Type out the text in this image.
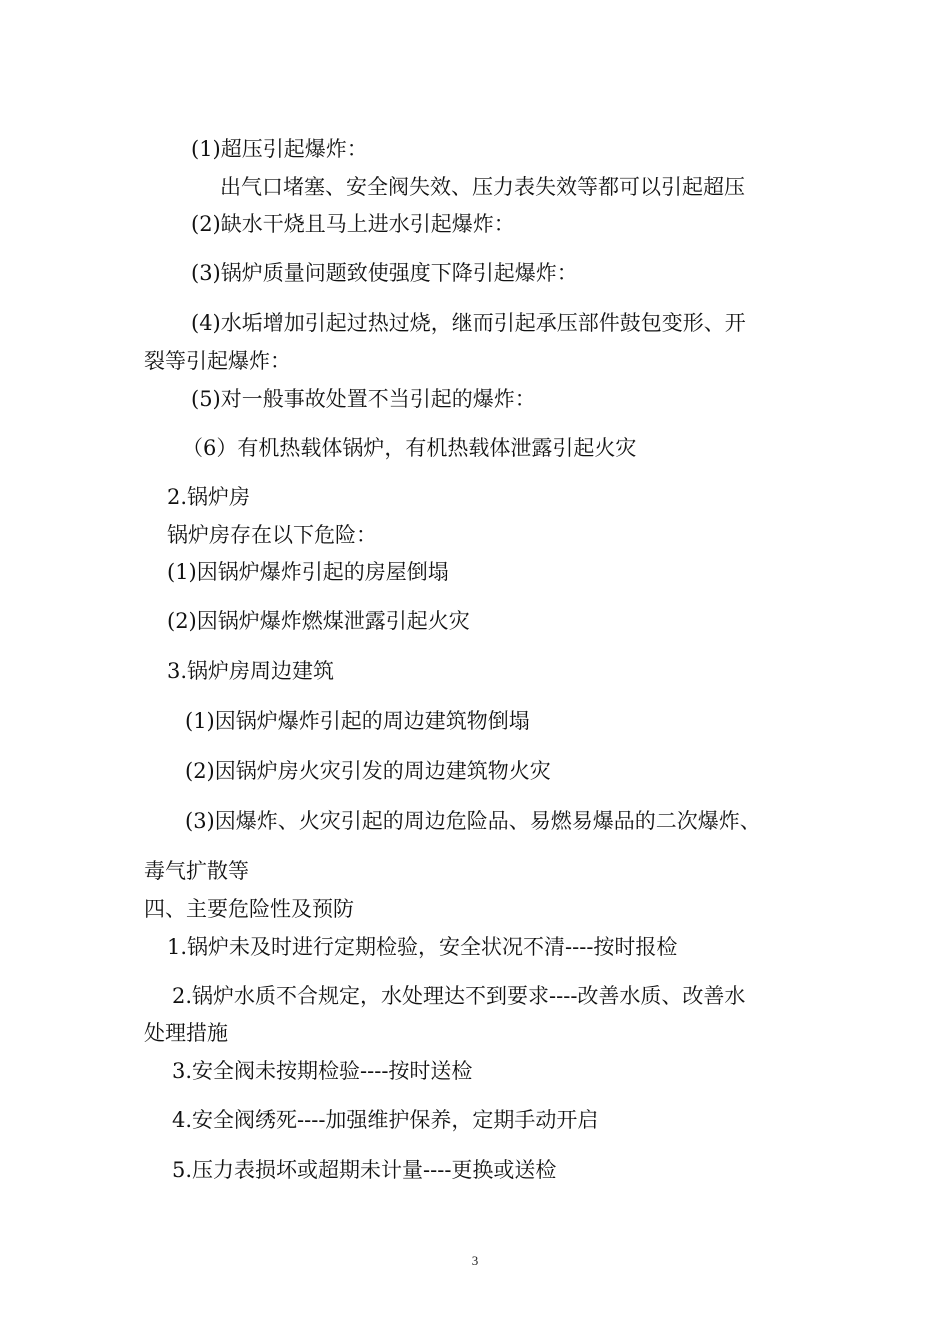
(1)超压引起爆炸：
出气口堵塞、安全阀失效、压力表失效等都可以引起超压
(2)缺水干烧且马上进水引起爆炸：
(3)锅炉质量问题致使强度下降引起爆炸：
(4)水垢增加引起过热过烧，继而引起承压部件鼓包变形、开
裂等引起爆炸：
(5)对一般事故处置不当引起的爆炸：
（6）有机热载体锅炉，有机热载体泄露引起火灾
2.锅炉房
锅炉房存在以下危险：
(1)因锅炉爆炸引起的房屋倒塌
(2)因锅炉爆炸燃煤泄露引起火灾
3.锅炉房周边建筑
(1)因锅炉爆炸引起的周边建筑物倒塌
(2)因锅炉房火灾引发的周边建筑物火灾
(3)因爆炸、火灾引起的周边危险品、易燃易爆品的二次爆炸、
毒气扩散等
四、主要危险性及预防
1.锅炉未及时进行定期检验，安全状况不清----按时报检
2.锅炉水质不合规定，水处理达不到要求----改善水质、改善水
处理措施
3.安全阀未按期检验----按时送检
4.安全阀绣死----加强维护保养，定期手动开启
5.压力表损坏或超期未计量----更换或送检
3
